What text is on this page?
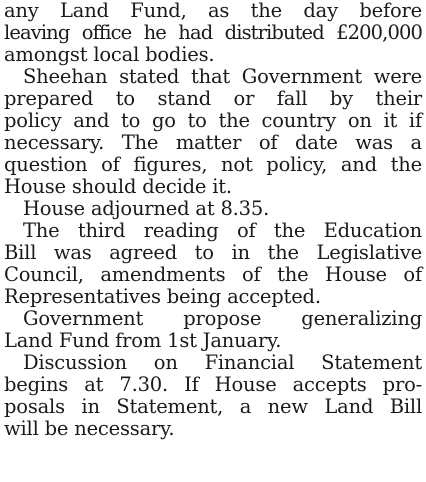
any Land Fund, as the day before
leaving office he had distributed £200,000
amongst local bodies.
Sheehan stated that Government were
prepared to stand or fall by their
policy and to go to the country on it if
necessary. The matter of date was a
question of figures, not policy, and the
House should decide it.
House adjourned at 8.35.
The third reading of the Education
Bill was agreed to in the Legislative
Council, amendments of the House of
Representatives being accepted.
Government propose generalizing
Land Fund from 1st January.
Discussion on Financial Statement
begins at 7.30. If House accepts pro-
posals in Statement, a new Land Bill
will be necessary.
